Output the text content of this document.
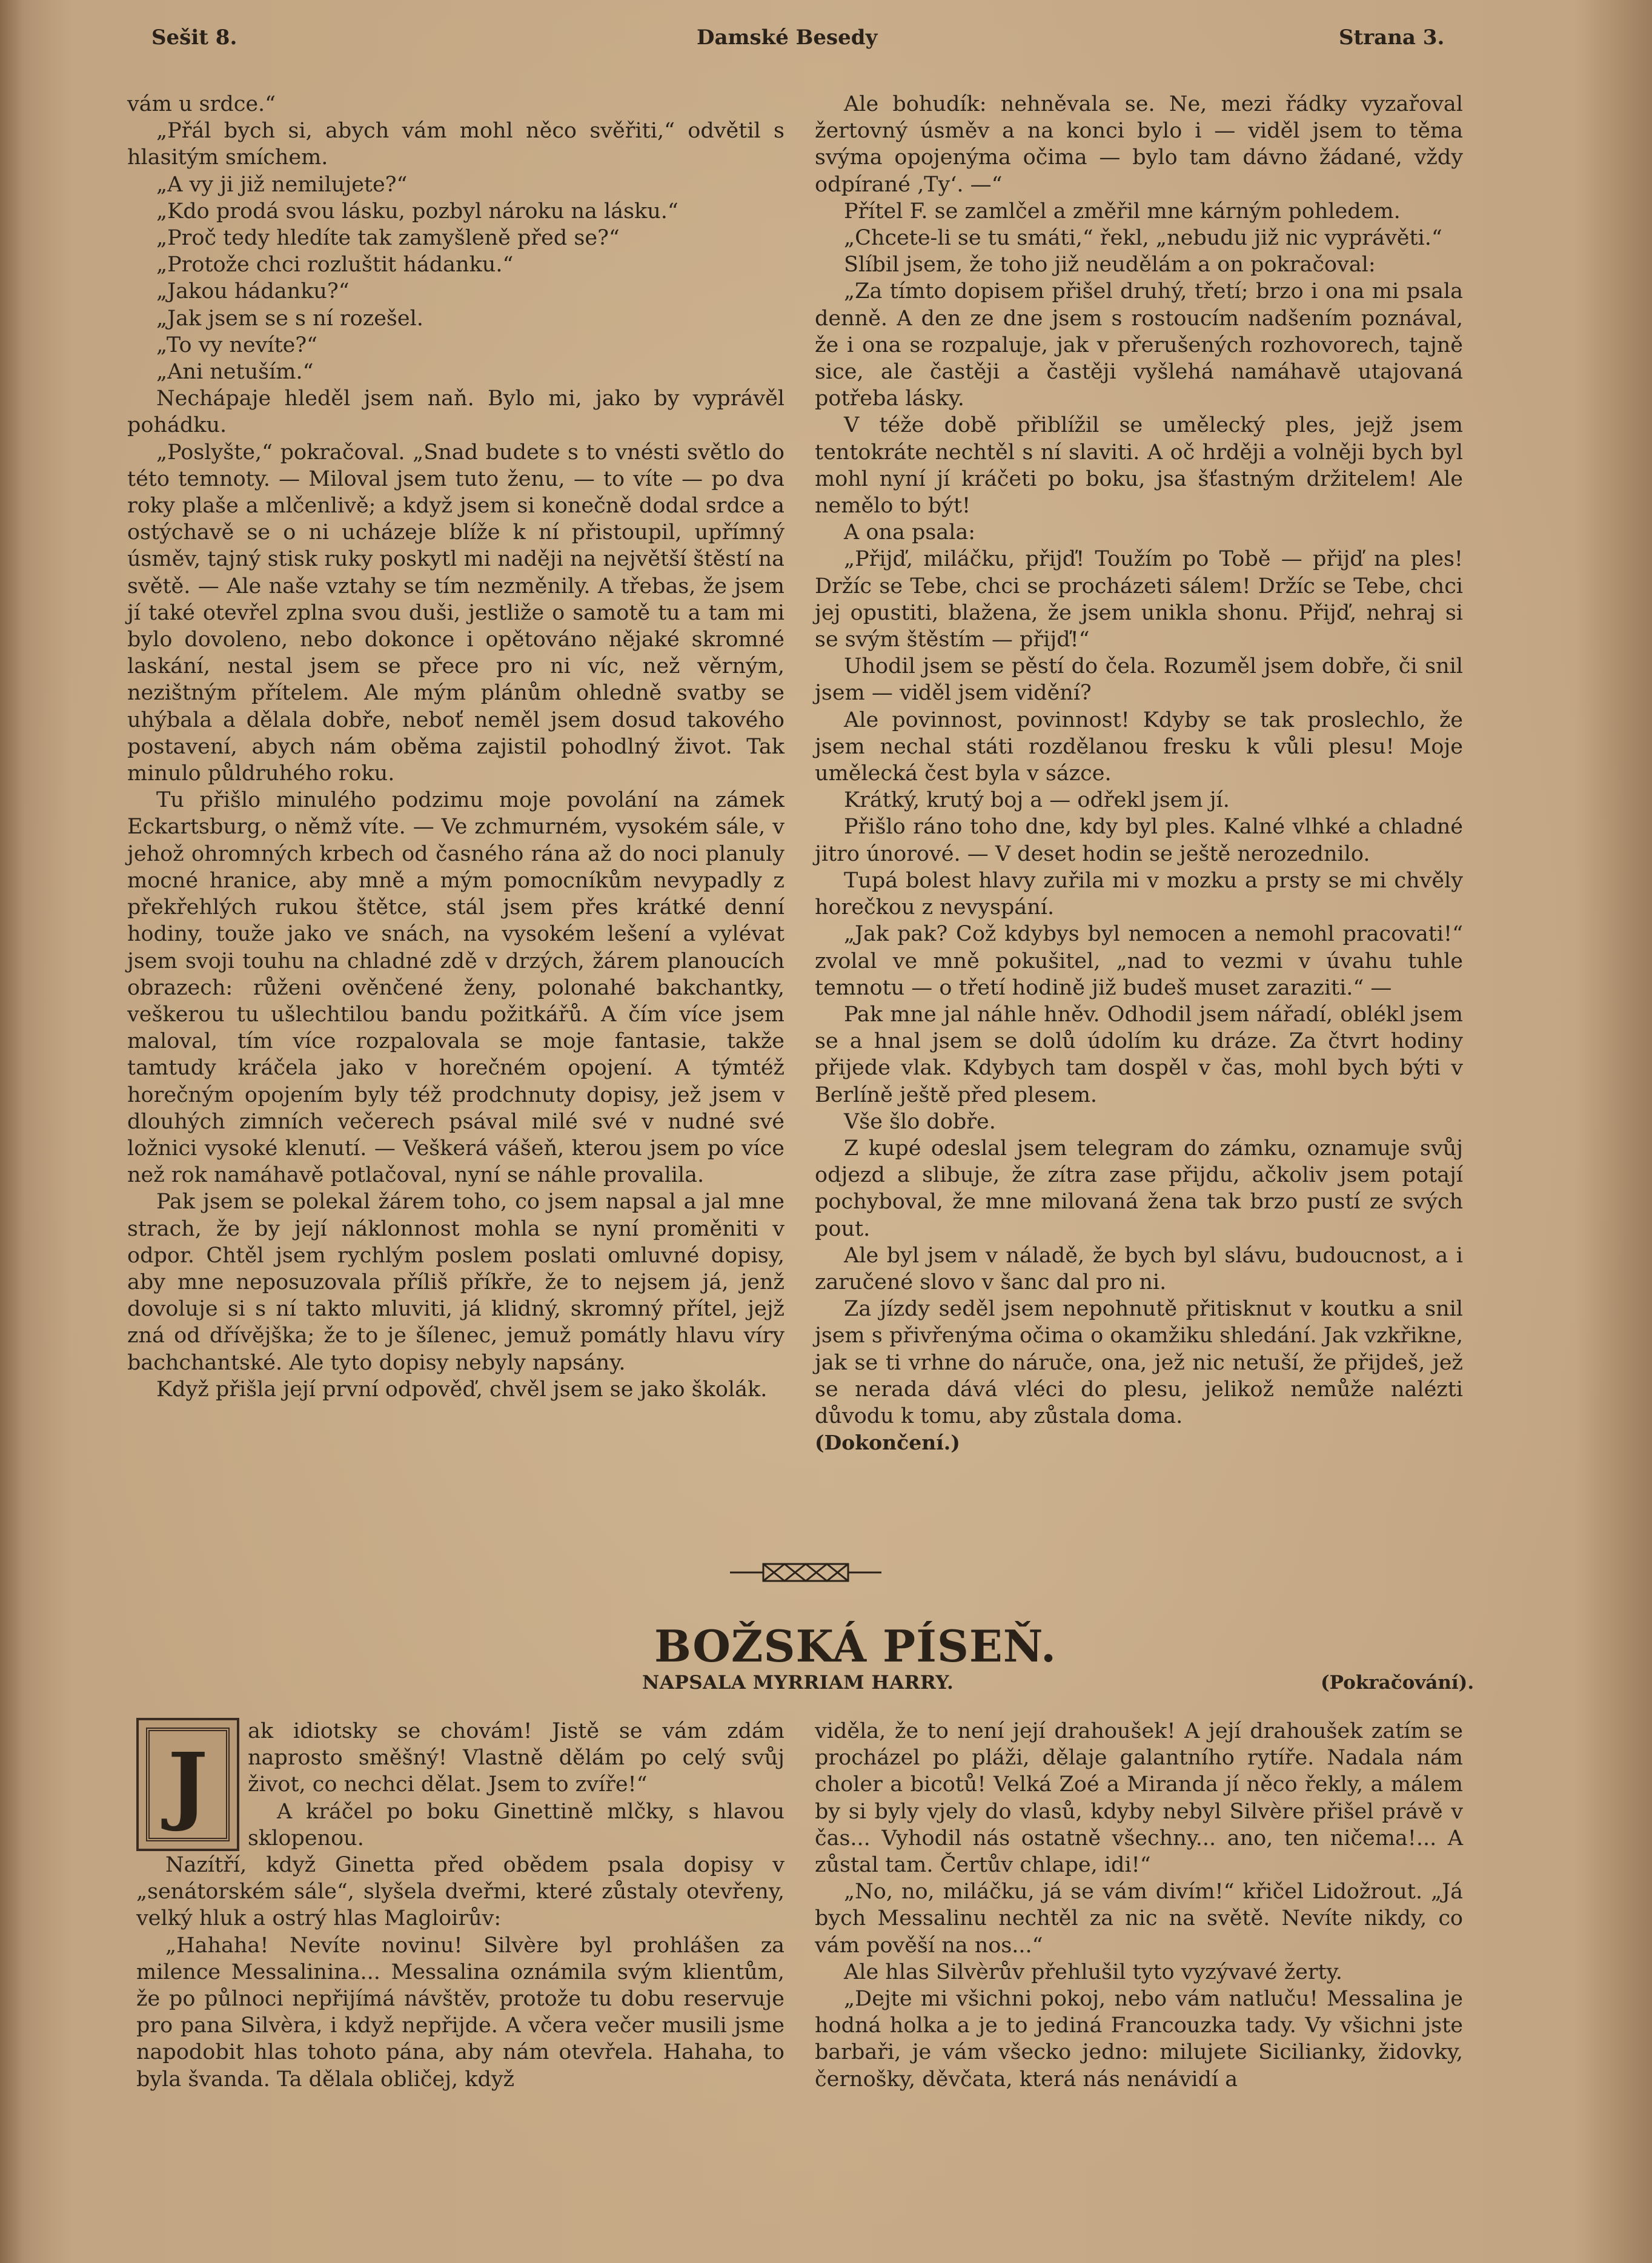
Sešit 8.	Damské Besedy	Strana 3.

vám u srdce.“

„Přál bych si, abych vám mohl něco svěřiti,“ odvětil s hlasitým smíchem.

„A vy ji již nemilujete?“

„Kdo prodá svou lásku, pozbyl nároku na lásku.“

„Proč tedy hledíte tak zamyšleně před se?“

„Protože chci rozluštit hádanku.“

„Jakou hádanku?“

„Jak jsem se s ní rozešel.

„To vy nevíte?“

„Ani netuším.“

Nechápaje hleděl jsem naň. Bylo mi, jako by vyprávěl pohádku.

„Poslyšte,“ pokračoval. „Snad budete s to vnésti světlo do této temnoty. — Miloval jsem tuto ženu, — to víte — po dva roky plaše a mlčenlivě; a když jsem si konečně dodal srdce a ostýchavě se o ni ucházeje blíže k ní přistoupil, upřímný úsměv, tajný stisk ruky poskytl mi naději na největší štěstí na světě. — Ale naše vztahy se tím nezměnily. A třebas, že jsem jí také otevřel zplna svou duši, jestliže o samotě tu a tam mi bylo dovoleno, nebo dokonce i opětováno nějaké skromné laskání, nestal jsem se přece pro ni víc, než věrným, nezištným přítelem. Ale mým plánům ohledně svatby se uhýbala a dělala dobře, neboť neměl jsem dosud takového postavení, abych nám oběma zajistil pohodlný život. Tak minulo půldruhého roku.

Tu přišlo minulého podzimu moje povolání na zámek Eckartsburg, o němž víte. — Ve zchmurném, vysokém sále, v jehož ohromných krbech od časného rána až do noci planuly mocné hranice, aby mně a mým pomocníkům nevypadly z překřehlých rukou štětce, stál jsem přes krátké denní hodiny, touže jako ve snách, na vysokém lešení a vylévat jsem svoji touhu na chladné zdě v drzých, žárem planoucích obrazech: růženi ověnčené ženy, polonahé bakchantky, veškerou tu ušlechtilou bandu požitkářů. A čím více jsem maloval, tím více rozpalovala se moje fantasie, takže tamtudy kráčela jako v horečném opojení. A týmtéž horečným opojením byly též prodchnuty dopisy, jež jsem v dlouhých zimních večerech psával milé své v nudné své ložnici vysoké klenutí. — Veškerá vášeň, kterou jsem po více než rok namáhavě potlačoval, nyní se náhle provalila.

Pak jsem se polekal žárem toho, co jsem napsal a jal mne strach, že by její náklonnost mohla se nyní proměniti v odpor. Chtěl jsem rychlým poslem poslati omluvné dopisy, aby mne neposuzovala příliš příkře, že to nejsem já, jenž dovoluje si s ní takto mluviti, já klidný, skromný přítel, jejž zná od dřívějška; že to je šílenec, jemuž pomátly hlavu víry bachchantské. Ale tyto dopisy nebyly napsány.

Když přišla její první odpověď, chvěl jsem se jako školák.

Ale bohudík: nehněvala se. Ne, mezi řádky vyzařoval žertovný úsměv a na konci bylo i — viděl jsem to těma svýma opojenýma očima — bylo tam dávno žádané, vždy odpírané ‚Ty‘. —“

Přítel F. se zamlčel a změřil mne kárným pohledem.

„Chcete-li se tu smáti,“ řekl, „nebudu již nic vyprávěti.“

Slíbil jsem, že toho již neudělám a on pokračoval:

„Za tímto dopisem přišel druhý, třetí; brzo i ona mi psala denně. A den ze dne jsem s rostoucím nadšením poznával, že i ona se rozpaluje, jak v přerušených rozhovorech, tajně sice, ale častěji a častěji vyšlehá namáhavě utajovaná potřeba lásky.

V téže době přiblížil se umělecký ples, jejž jsem tentokráte nechtěl s ní slaviti. A oč hrději a volněji bych byl mohl nyní jí kráčeti po boku, jsa šťastným držitelem! Ale nemělo to být!

A ona psala:

„Přijď, miláčku, přijď! Toužím po Tobě — přijď na ples! Držíc se Tebe, chci se procházeti sálem! Držíc se Tebe, chci jej opustiti, blažena, že jsem unikla shonu. Přijď, nehraj si se svým štěstím — přijď!“

Uhodil jsem se pěstí do čela. Rozuměl jsem dobře, či snil jsem — viděl jsem vidění?

Ale povinnost, povinnost! Kdyby se tak proslechlo, že jsem nechal státi rozdělanou fresku k vůli plesu! Moje umělecká čest byla v sázce.

Krátký, krutý boj a — odřekl jsem jí.

Přišlo ráno toho dne, kdy byl ples. Kalné vlhké a chladné jitro únorové. — V deset hodin se ještě nerozednilo.

Tupá bolest hlavy zuřila mi v mozku a prsty se mi chvěly horečkou z nevyspání.

„Jak pak? Což kdybys byl nemocen a nemohl pracovati!“ zvolal ve mně pokušitel, „nad to vezmi v úvahu tuhle temnotu — o třetí hodině již budeš muset zaraziti.“ —

Pak mne jal náhle hněv. Odhodil jsem nářadí, oblékl jsem se a hnal jsem se dolů údolím ku dráze. Za čtvrt hodiny přijede vlak. Kdybych tam dospěl v čas, mohl bych býti v Berlíně ještě před plesem.

Vše šlo dobře.

Z kupé odeslal jsem telegram do zámku, oznamuje svůj odjezd a slibuje, že zítra zase přijdu, ačkoliv jsem potají pochyboval, že mne milovaná žena tak brzo pustí ze svých pout.

Ale byl jsem v náladě, že bych byl slávu, budoucnost, a i zaručené slovo v šanc dal pro ni.

Za jízdy seděl jsem nepohnutě přitisknut v koutku a snil jsem s přivřenýma očima o okamžiku shledání. Jak vzkřikne, jak se ti vrhne do náruče, ona, jež nic netuší, že přijdeš, jež se nerada dává vléci do plesu, jelikož nemůže nalézti důvodu k tomu, aby zůstala doma.

(Dokončení.)

BOŽSKÁ PÍSEŇ.
NAPSALA MYRRIAM HARRY.	(Pokračování).
J

ak idiotsky se chovám! Jistě se vám zdám naprosto směšný! Vlastně dělám po celý svůj život, co nechci dělat. Jsem to zvíře!“

A kráčel po boku Ginettině mlčky, s hlavou sklopenou.

Nazítří, když Ginetta před obědem psala dopisy v „senátorském sále“, slyšela dveřmi, které zůstaly otevřeny, velký hluk a ostrý hlas Magloirův:

„Hahaha! Nevíte novinu! Silvère byl prohlášen za milence Messalinina... Messalina oznámila svým klientům, že po půlnoci nepřijímá návštěv, protože tu dobu reservuje pro pana Silvèra, i když nepřijde. A včera večer musili jsme napodobit hlas tohoto pána, aby nám otevřela. Hahaha, to byla švanda. Ta dělala obličej, když

viděla, že to není její drahoušek! A její drahoušek zatím se procházel po pláži, dělaje galantního rytíře. Nadala nám choler a bicotů! Velká Zoé a Miranda jí něco řekly, a málem by si byly vjely do vlasů, kdyby nebyl Silvère přišel právě v čas... Vyhodil nás ostatně všechny... ano, ten ničema!... A zůstal tam. Čertův chlape, idi!“

„No, no, miláčku, já se vám divím!“ křičel Lidožrout. „Já bych Messalinu nechtěl za nic na světě. Nevíte nikdy, co vám pověší na nos...“

Ale hlas Silvèrův přehlušil tyto vyzývavé žerty.

„Dejte mi všichni pokoj, nebo vám natluču! Messalina je hodná holka a je to jediná Francouzka tady. Vy všichni jste barbaři, je vám všecko jedno: milujete Sicilianky, židovky, černošky, děvčata, která nás nenávidí a
